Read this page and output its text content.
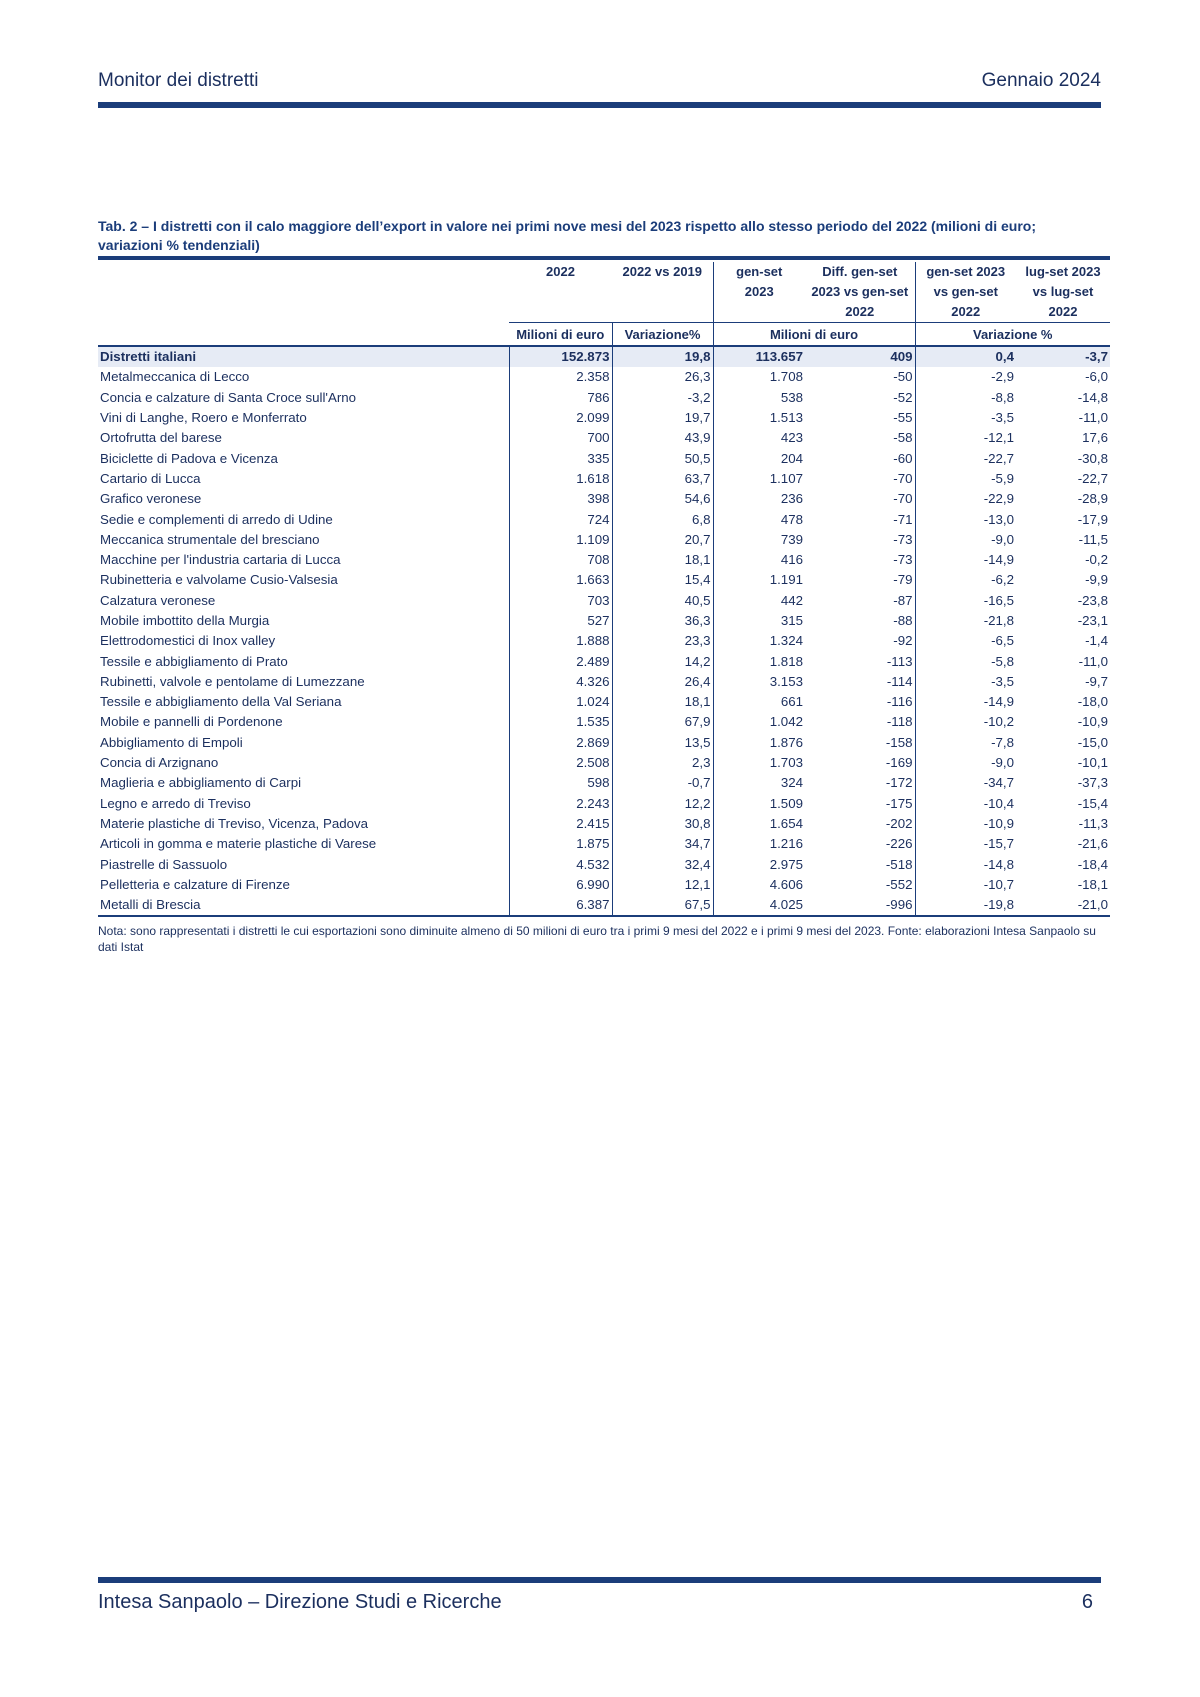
Monitor dei distretti	Gennaio 2024
Tab. 2 – I distretti con il calo maggiore dell’export in valore nei primi nove mesi del 2023 rispetto allo stesso periodo del 2022 (milioni di euro; variazioni % tendenziali)
	2022	2022 vs 2019	gen-set	Diff. gen-set	gen-set 2023	lug-set 2023
			2023	2023 vs gen-set	vs gen-set	vs lug-set
				2022	2022	2022
	Milioni di euro	Variazione%	Milioni di euro		Variazione %	
Distretti italiani	152.873	19,8	113.657	409	0,4	-3,7
Metalmeccanica di Lecco	2.358	26,3	1.708	-50	-2,9	-6,0
Concia e calzature di Santa Croce sull'Arno	786	-3,2	538	-52	-8,8	-14,8
Vini di Langhe, Roero e Monferrato	2.099	19,7	1.513	-55	-3,5	-11,0
Ortofrutta del barese	700	43,9	423	-58	-12,1	17,6
Biciclette di Padova e Vicenza	335	50,5	204	-60	-22,7	-30,8
Cartario di Lucca	1.618	63,7	1.107	-70	-5,9	-22,7
Grafico veronese	398	54,6	236	-70	-22,9	-28,9
Sedie e complementi di arredo di Udine	724	6,8	478	-71	-13,0	-17,9
Meccanica strumentale del bresciano	1.109	20,7	739	-73	-9,0	-11,5
Macchine per l'industria cartaria di Lucca	708	18,1	416	-73	-14,9	-0,2
Rubinetteria e valvolame Cusio-Valsesia	1.663	15,4	1.191	-79	-6,2	-9,9
Calzatura veronese	703	40,5	442	-87	-16,5	-23,8
Mobile imbottito della Murgia	527	36,3	315	-88	-21,8	-23,1
Elettrodomestici di Inox valley	1.888	23,3	1.324	-92	-6,5	-1,4
Tessile e abbigliamento di Prato	2.489	14,2	1.818	-113	-5,8	-11,0
Rubinetti, valvole e pentolame di Lumezzane	4.326	26,4	3.153	-114	-3,5	-9,7
Tessile e abbigliamento della Val Seriana	1.024	18,1	661	-116	-14,9	-18,0
Mobile e pannelli di Pordenone	1.535	67,9	1.042	-118	-10,2	-10,9
Abbigliamento di Empoli	2.869	13,5	1.876	-158	-7,8	-15,0
Concia di Arzignano	2.508	2,3	1.703	-169	-9,0	-10,1
Maglieria e abbigliamento di Carpi	598	-0,7	324	-172	-34,7	-37,3
Legno e arredo di Treviso	2.243	12,2	1.509	-175	-10,4	-15,4
Materie plastiche di Treviso, Vicenza, Padova	2.415	30,8	1.654	-202	-10,9	-11,3
Articoli in gomma e materie plastiche di Varese	1.875	34,7	1.216	-226	-15,7	-21,6
Piastrelle di Sassuolo	4.532	32,4	2.975	-518	-14,8	-18,4
Pelletteria e calzature di Firenze	6.990	12,1	4.606	-552	-10,7	-18,1
Metalli di Brescia	6.387	67,5	4.025	-996	-19,8	-21,0
Nota: sono rappresentati i distretti le cui esportazioni sono diminuite almeno di 50 milioni di euro tra i primi 9 mesi del 2022 e i primi 9 mesi del 2023. Fonte: elaborazioni Intesa Sanpaolo su dati Istat
Intesa Sanpaolo – Direzione Studi e Ricerche	6
